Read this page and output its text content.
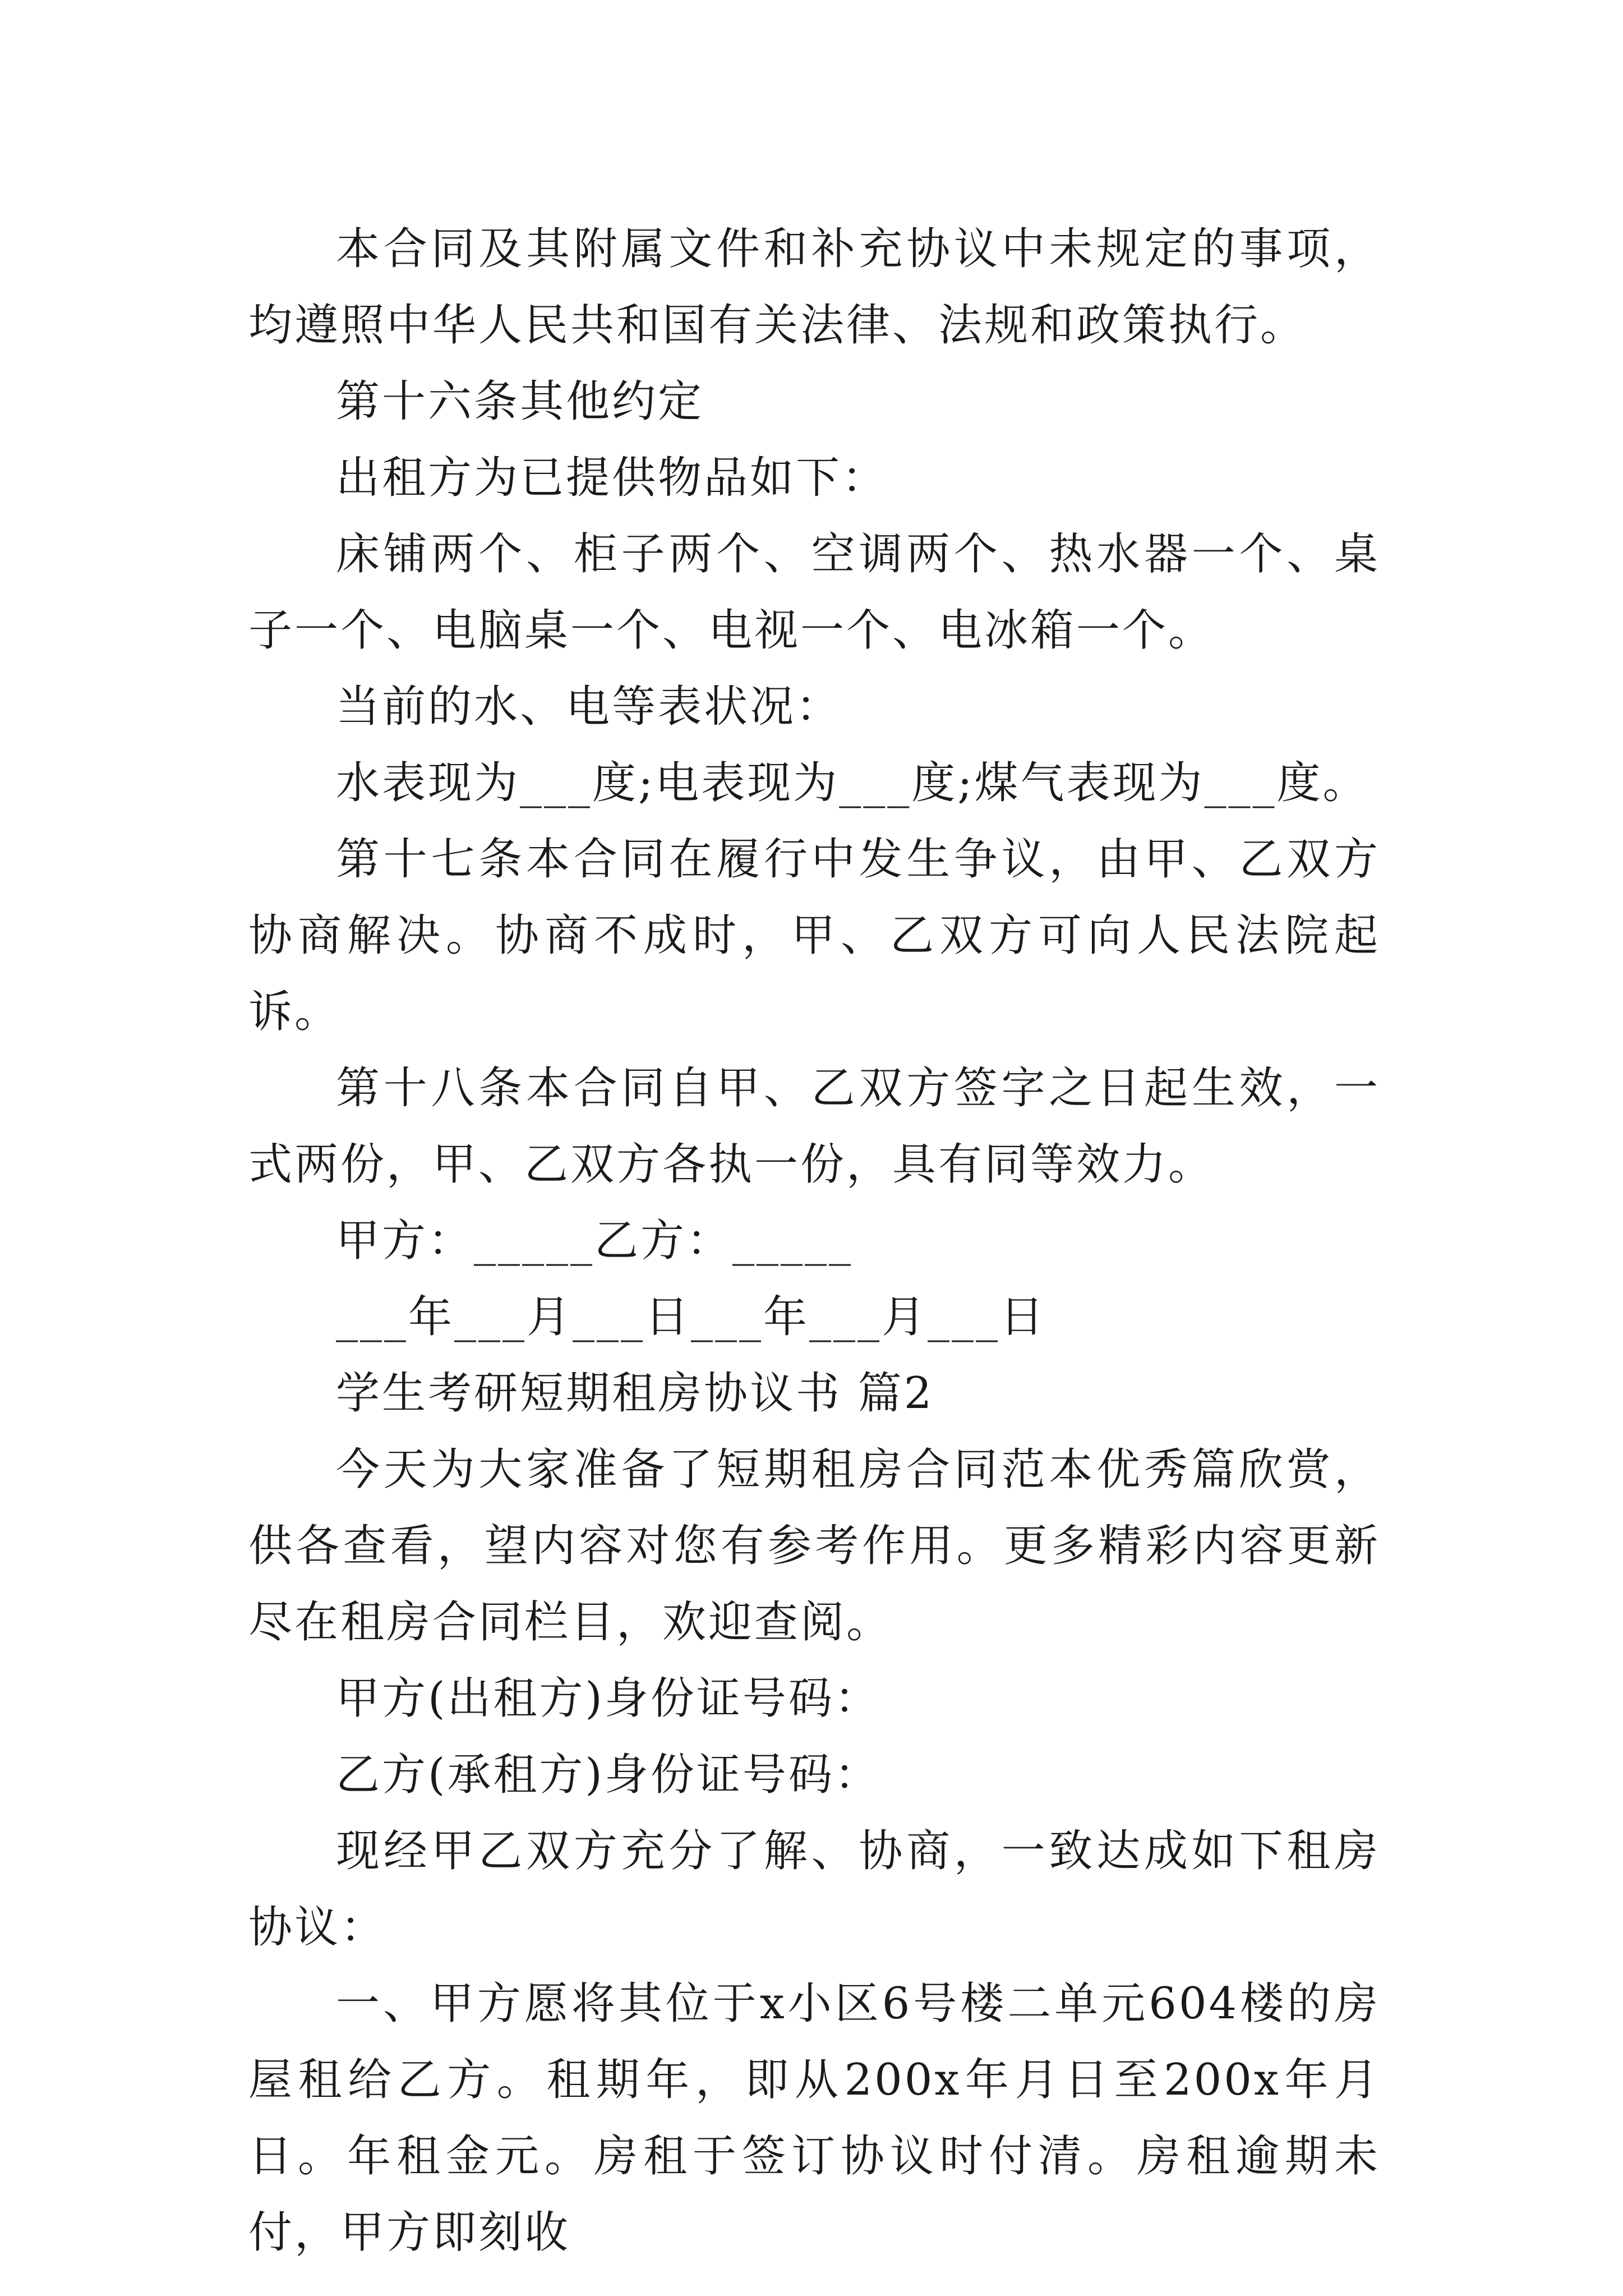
本合同及其附属文件和补充协议中未规定的事项，均遵照中华人民共和国有关法律、法规和政策执行。

第十六条其他约定

出租方为已提供物品如下：

床铺两个、柜子两个、空调两个、热水器一个、桌子一个、电脑桌一个、电视一个、电冰箱一个。

当前的水、电等表状况：

水表现为___度;电表现为___度;煤气表现为___度。

第十七条本合同在履行中发生争议，由甲、乙双方协商解决。协商不成时，甲、乙双方可向人民法院起诉。

第十八条本合同自甲、乙双方签字之日起生效，一式两份，甲、乙双方各执一份，具有同等效力。

甲方：_____乙方：_____

___年___月___日___年___月___日

学生考研短期租房协议书 篇2

今天为大家准备了短期租房合同范本优秀篇欣赏，供各查看，望内容对您有参考作用。更多精彩内容更新尽在租房合同栏目，欢迎查阅。

甲方(出租方)身份证号码：

乙方(承租方)身份证号码：

现经甲乙双方充分了解、协商，一致达成如下租房协议：

一、甲方愿将其位于x小区6号楼二单元604楼的房屋租给乙方。租期年，即从200x年月日至200x年月日。年租金元。房租于签订协议时付清。房租逾期未付，甲方即刻收
